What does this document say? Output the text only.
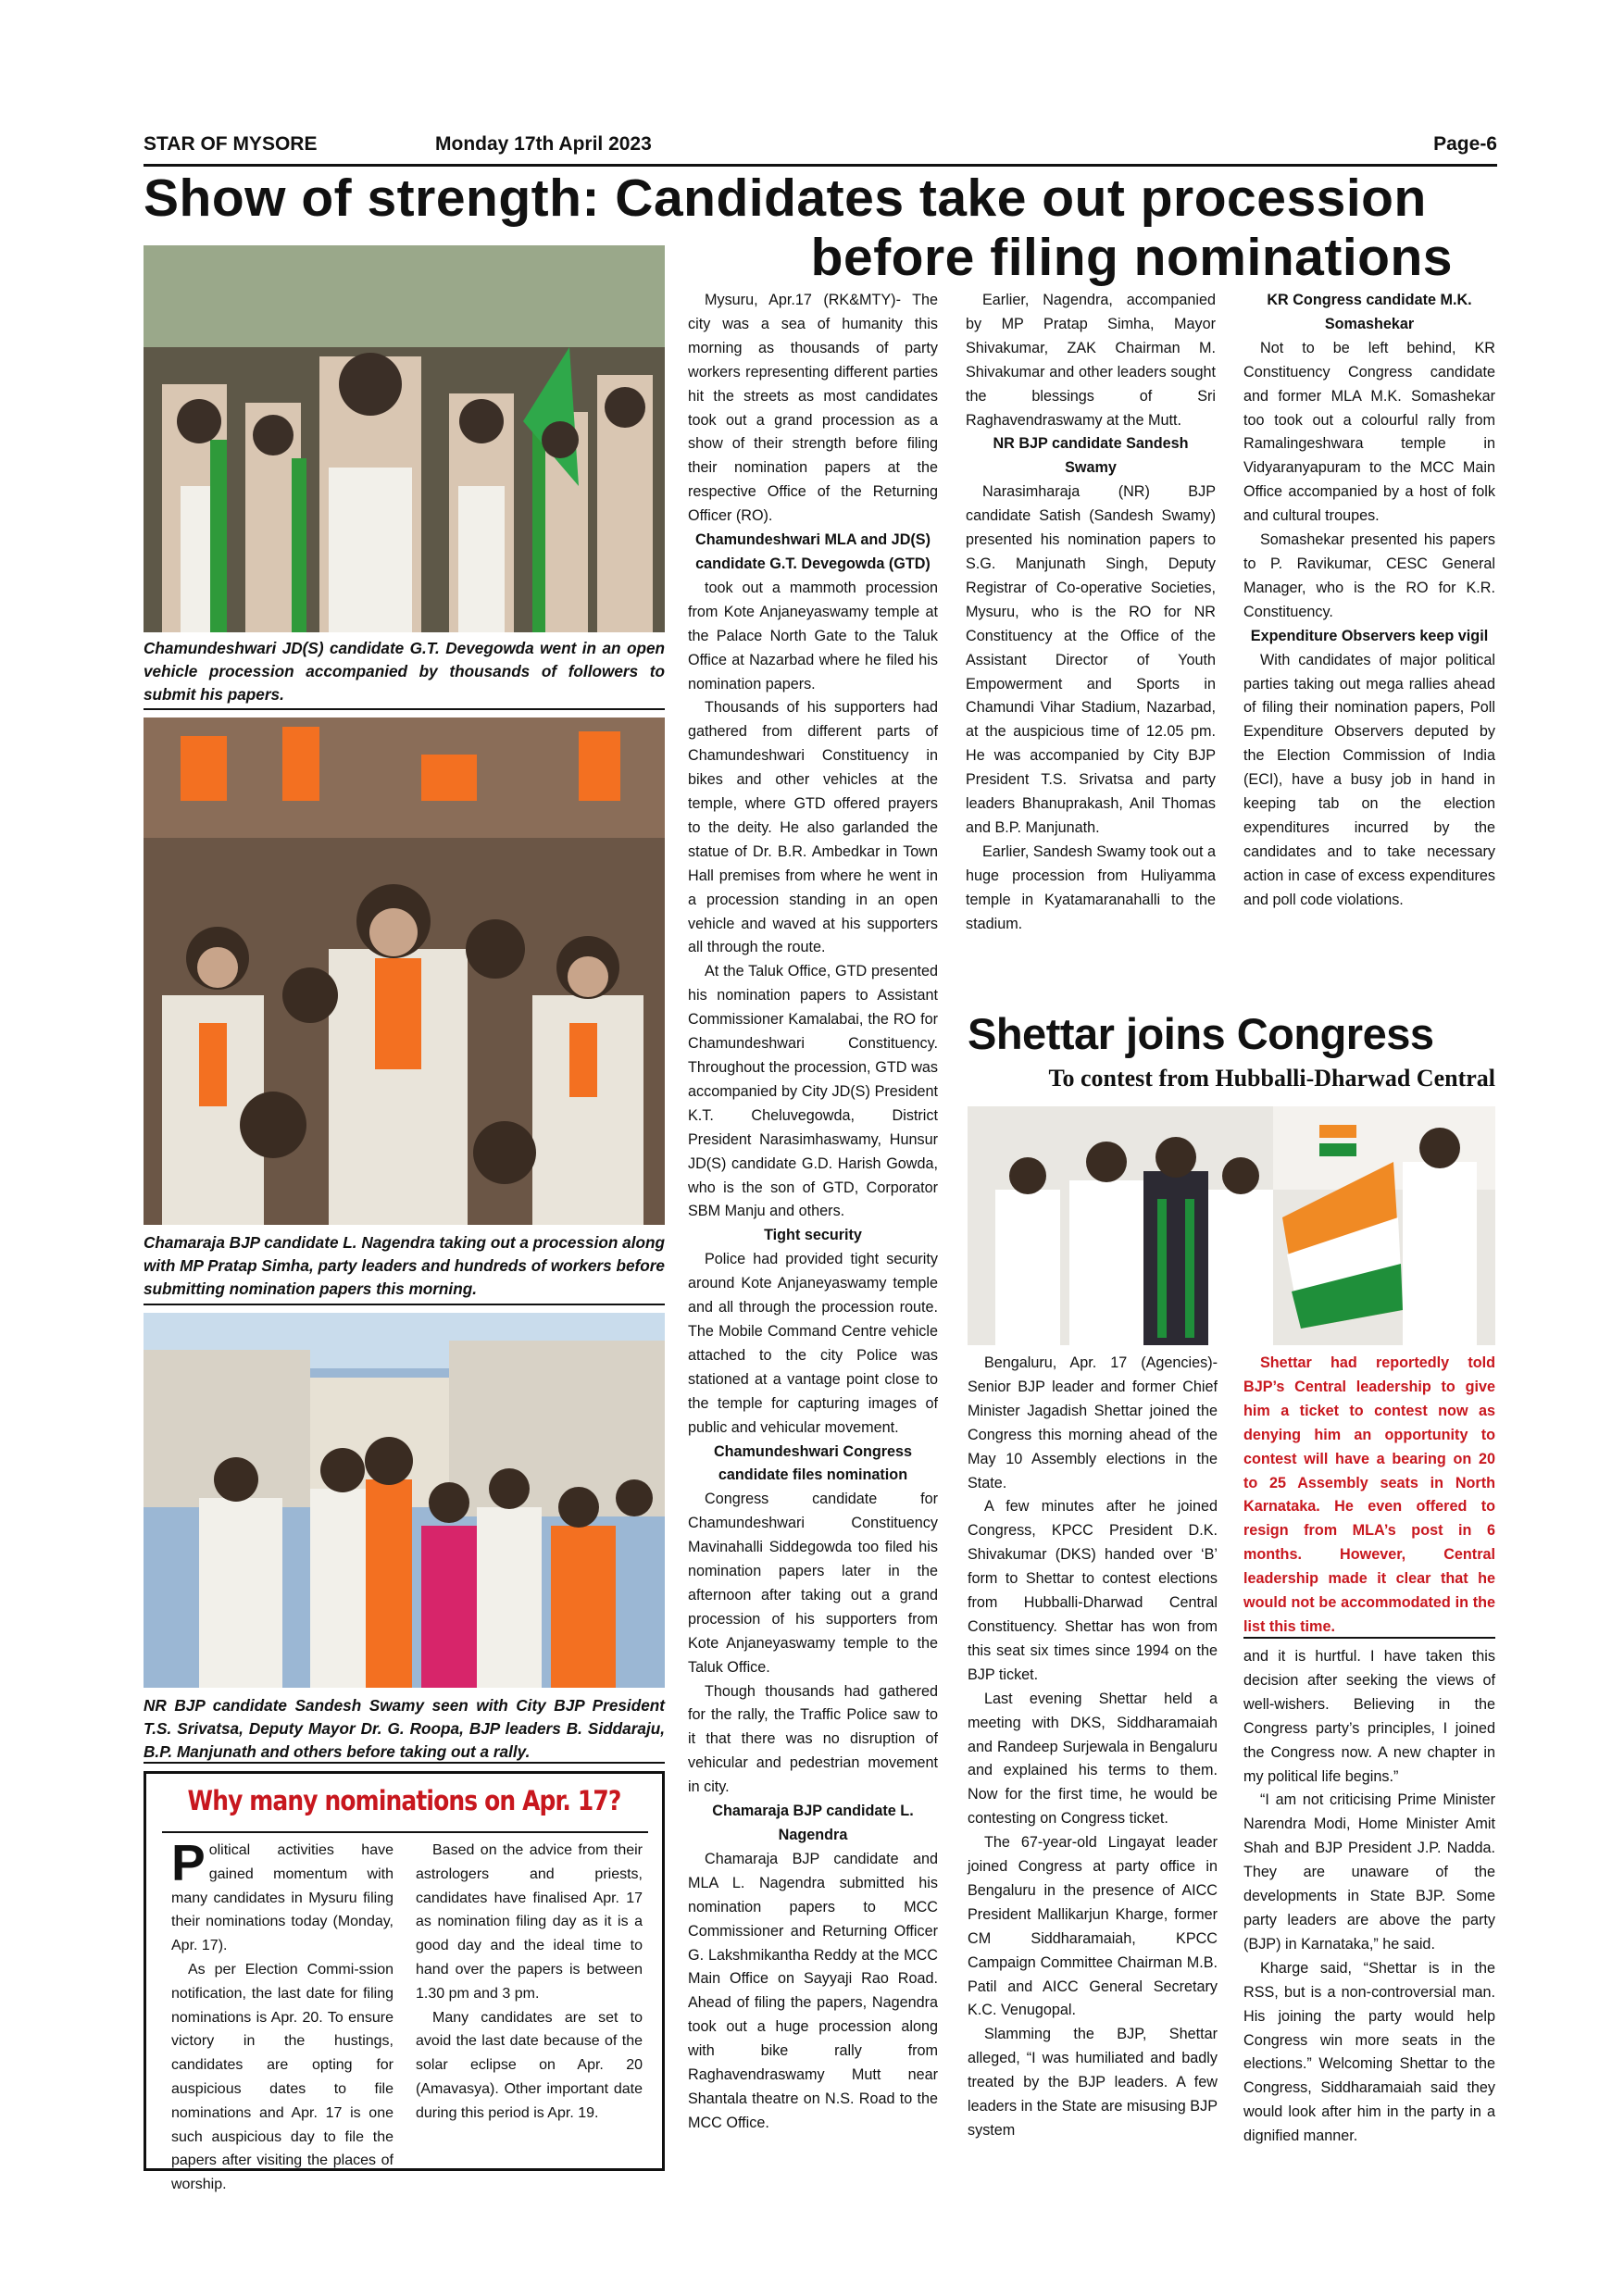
STAR OF MYSORE	Monday 17th April 2023	Page-6
Show of strength: Candidates take out procession
before filing nominations
Chamundeshwari JD(S) candidate G.T. Devegowda went in an open vehicle procession accompanied by thousands of followers to submit his papers.
Chamaraja BJP candidate L. Nagendra taking out a procession along with MP Pratap Simha, party leaders and hundreds of workers before submitting nomination papers this morning.
NR BJP candidate Sandesh Swamy seen with City BJP President T.S. Srivatsa, Deputy Mayor Dr. G. Roopa, BJP leaders B. Siddaraju, B.P. Manjunath and others before taking out a rally.

Mysuru, Apr.17 (RK&MTY)- The city was a sea of humanity this morning as thousands of party workers representing different parties hit the streets as most candidates took out a grand procession as a show of their strength before filing their nomination papers at the respective Office of the Returning Officer (RO).

Chamundeshwari MLA and JD(S) candidate G.T. Devegowda (GTD)

took out a mammoth procession from Kote Anjaneyaswamy temple at the Palace North Gate to the Taluk Office at Nazarbad where he filed his nomination papers.

Thousands of his supporters had gathered from different parts of Chamundeshwari Constituency in bikes and other vehicles at the temple, where GTD offered prayers to the deity. He also garlanded the statue of Dr. B.R. Ambedkar in Town Hall premises from where he went in a procession standing in an open vehicle and waved at his supporters all through the route.

At the Taluk Office, GTD presented his nomination papers to Assistant Commissioner Kamalabai, the RO for Chamundeshwari Constituency. Throughout the procession, GTD was accompanied by City JD(S) President K.T. Cheluvegowda, District President Narasimhaswamy, Hunsur JD(S) candidate G.D. Harish Gowda, who is the son of GTD, Corporator SBM Manju and others.

Tight security

Police had provided tight security around Kote Anjaneyaswamy temple and all through the procession route. The Mobile Command Centre vehicle attached to the city Police was stationed at a vantage point close to the temple for capturing images of public and vehicular movement.

Chamundeshwari Congress candidate files nomination

Congress candidate for Chamundeshwari Constituency Mavinahalli Siddegowda too filed his nomination papers later in the afternoon after taking out a grand procession of his supporters from Kote Anjaneyaswamy temple to the Taluk Office.

Though thousands had gathered for the rally, the Traffic Police saw to it that there was no disruption of vehicular and pedestrian movement in city.

Chamaraja BJP candidate L. Nagendra

Chamaraja BJP candidate and MLA L. Nagendra submitted his nomination papers to MCC Commissioner and Returning Officer G. Lakshmikantha Reddy at the MCC Main Office on Sayyaji Rao Road. Ahead of filing the papers, Nagendra took out a huge procession along with bike rally from Raghavendraswamy Mutt near Shantala theatre on N.S. Road to the MCC Office.

Earlier, Nagendra, accompanied by MP Pratap Simha, Mayor Shivakumar, ZAK Chairman M. Shivakumar and other leaders sought the blessings of Sri Raghavendraswamy at the Mutt.

NR BJP candidate Sandesh Swamy

Narasimharaja (NR) BJP candidate Satish (Sandesh Swamy) presented his nomination papers to S.G. Manjunath Singh, Deputy Registrar of Co-operative Societies, Mysuru, who is the RO for NR Constituency at the Office of the Assistant Director of Youth Empowerment and Sports in Chamundi Vihar Stadium, Nazarbad, at the auspicious time of 12.05 pm. He was accompanied by City BJP President T.S. Srivatsa and party leaders Bhanuprakash, Anil Thomas and B.P. Manjunath.

Earlier, Sandesh Swamy took out a huge procession from Huliyamma temple in Kyatamaranahalli to the stadium.

KR Congress candidate M.K. Somashekar

Not to be left behind, KR Constituency Congress candidate and former MLA M.K. Somashekar too took out a colourful rally from Ramalingeshwara temple in Vidyaranyapuram to the MCC Main Office accompanied by a host of folk and cultural troupes.

Somashekar presented his papers to P. Ravikumar, CESC General Manager, who is the RO for K.R. Constituency.

Expenditure Observers keep vigil

With candidates of major political parties taking out mega rallies ahead of filing their nomination papers, Poll Expenditure Observers deputed by the Election Commission of India (ECI), have a busy job in hand in keeping tab on the election expenditures incurred by the candidates and to take necessary action in case of excess expenditures and poll code violations.

Shettar joins Congress
To contest from Hubballi-Dharwad Central

Bengaluru, Apr. 17 (Agencies)- Senior BJP leader and former Chief Minister Jagadish Shettar joined the Congress this morning ahead of the May 10 Assembly elections in the State.

A few minutes after he joined Congress, KPCC President D.K. Shivakumar (DKS) handed over ‘B’ form to Shettar to contest elections from Hubballi-Dharwad Central Constituency. Shettar has won from this seat six times since 1994 on the BJP ticket.

Last evening Shettar held a meeting with DKS, Siddharamaiah and Randeep Surjewala in Bengaluru and explained his terms to them. Now for the first time, he would be contesting on Congress ticket.

The 67-year-old Lingayat leader joined Congress at party office in Bengaluru in the presence of AICC President Mallikarjun Kharge, former CM Siddharamaiah, KPCC Campaign Committee Chairman M.B. Patil and AICC General Secretary K.C. Venugopal.

Slamming the BJP, Shettar alleged, “I was humiliated and badly treated by the BJP leaders. A few leaders in the State are misusing BJP system

Shettar had reportedly told BJP’s Central leadership to give him a ticket to contest now as denying him an opportunity to contest will have a bearing on 20 to 25 Assembly seats in North Karnataka. He even offered to resign from MLA’s post in 6 months. However, Central leadership made it clear that he would not be accommodated in the list this time.

and it is hurtful. I have taken this decision after seeking the views of well-wishers. Believing in the Congress party’s principles, I joined the Congress now. A new chapter in my political life begins.”

“I am not criticising Prime Minister Narendra Modi, Home Minister Amit Shah and BJP President J.P. Nadda. They are unaware of the developments in State BJP. Some party leaders are above the party (BJP) in Karnataka,” he said.

Kharge said, “Shettar is in the RSS, but is a non-controversial man. His joining the party would help Congress win more seats in the elections.” Welcoming Shettar to the Congress, Siddharamaiah said they would look after him in the party in a dignified manner.

Why many nominations on Apr. 17?

Political activities have gained momentum with many candidates in Mysuru filing their nominations today (Monday, Apr. 17).

As per Election Commi-ssion notification, the last date for filing nominations is Apr. 20. To ensure victory in the hustings, candidates are opting for auspicious dates to file nominations and Apr. 17 is one such auspicious day to file the papers after visiting the places of worship.

Based on the advice from their astrologers and priests, candidates have finalised Apr. 17 as nomination filing day as it is a good day and the ideal time to hand over the papers is between 1.30 pm and 3 pm.

Many candidates are set to avoid the last date because of the solar eclipse on Apr. 20 (Amavasya). Other important date during this period is Apr. 19.
